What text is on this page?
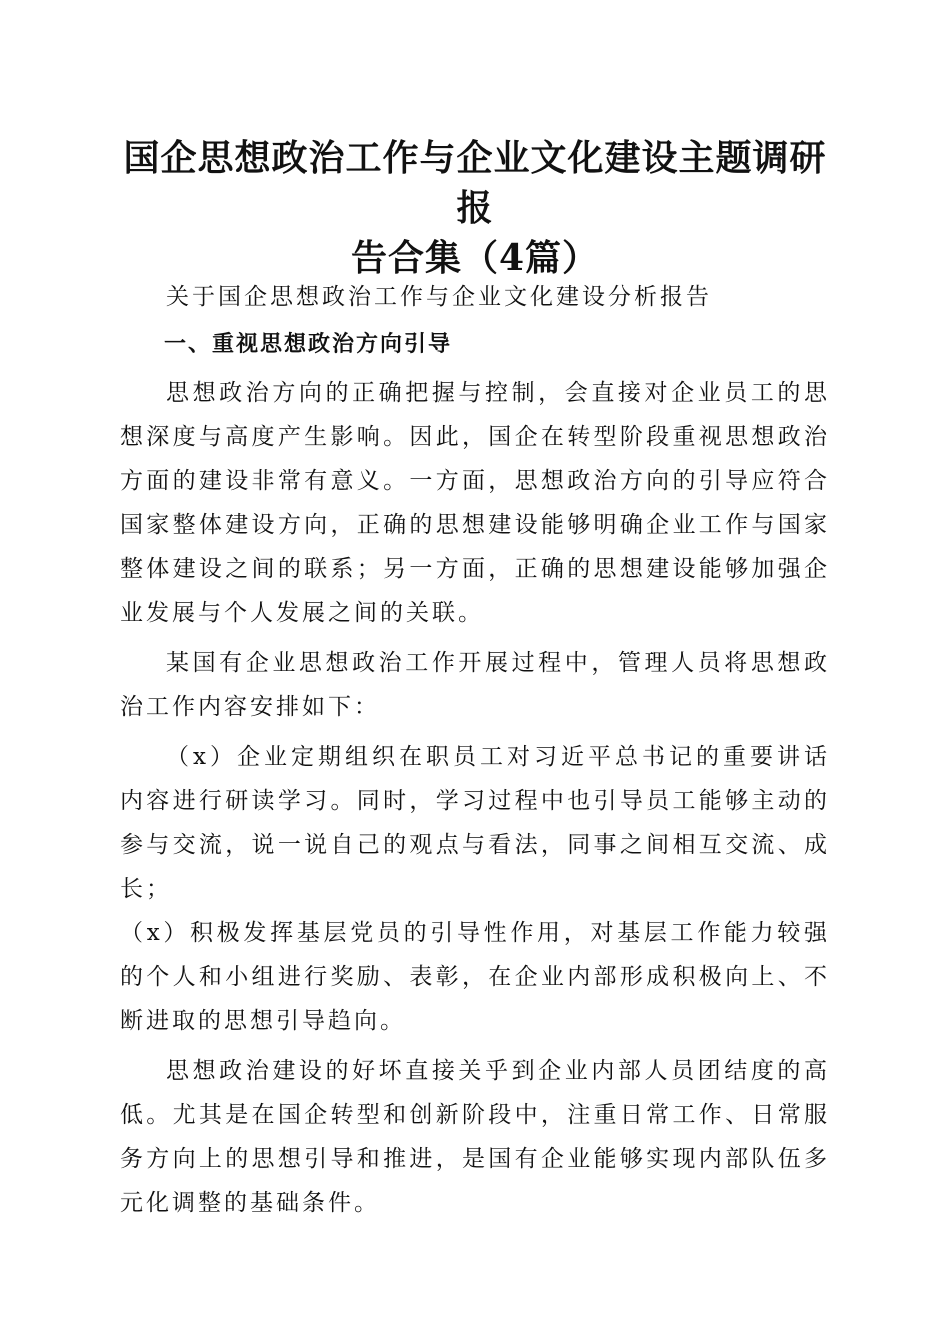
国企思想政治工作与企业文化建设主题调研报
告合集（4篇）

关于国企思想政治工作与企业文化建设分析报告

一、重视思想政治方向引导

思想政治方向的正确把握与控制，会直接对企业员工的思想深度与高度产生影响。因此，国企在转型阶段重视思想政治方面的建设非常有意义。一方面，思想政治方向的引导应符合国家整体建设方向，正确的思想建设能够明确企业工作与国家整体建设之间的联系；另一方面，正确的思想建设能够加强企业发展与个人发展之间的关联。

某国有企业思想政治工作开展过程中，管理人员将思想政治工作内容安排如下：

（x）企业定期组织在职员工对习近平总书记的重要讲话内容进行研读学习。同时，学习过程中也引导员工能够主动的参与交流，说一说自己的观点与看法，同事之间相互交流、成长；

（x）积极发挥基层党员的引导性作用，对基层工作能力较强的个人和小组进行奖励、表彰，在企业内部形成积极向上、不断进取的思想引导趋向。

思想政治建设的好坏直接关乎到企业内部人员团结度的高低。尤其是在国企转型和创新阶段中，注重日常工作、日常服务方向上的思想引导和推进，是国有企业能够实现内部队伍多元化调整的基础条件。
